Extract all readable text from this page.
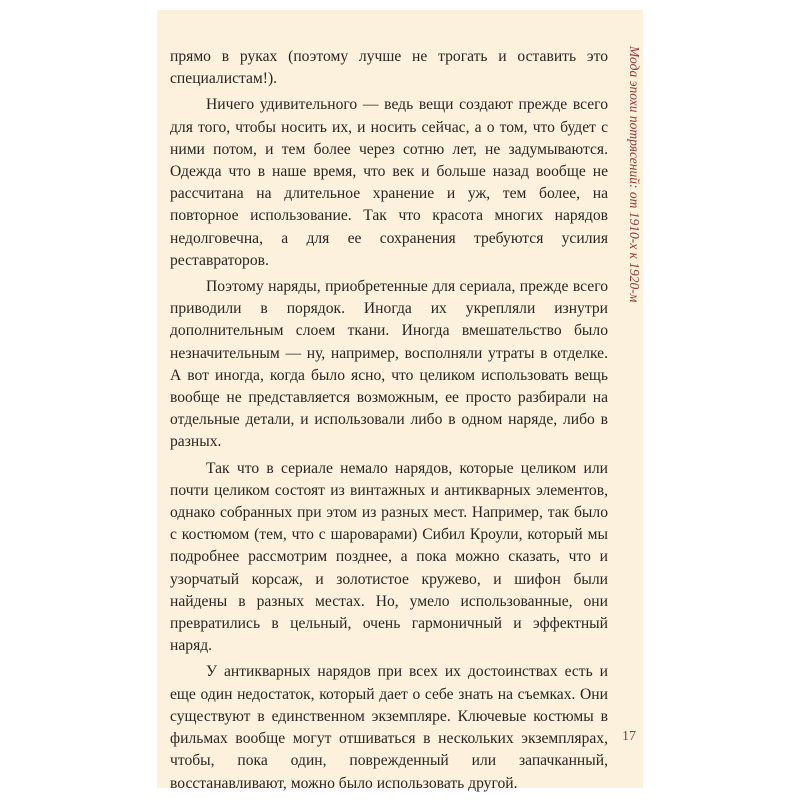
прямо в руках (поэтому лучше не трогать и оставить это специалистам!).

Ничего удивительного — ведь вещи создают прежде всего для того, чтобы носить их, и носить сейчас, а о том, что будет с ними потом, и тем более через сотню лет, не задумываются. Одежда что в наше время, что век и больше назад вообще не рассчитана на длительное хранение и уж, тем более, на повторное использование. Так что красота многих нарядов недолговечна, а для ее сохранения требуются усилия реставраторов.

Поэтому наряды, приобретенные для сериала, прежде всего приводили в порядок. Иногда их укрепляли изнутри дополнительным слоем ткани. Иногда вмешательство было незначительным — ну, например, восполняли утраты в отделке. А вот иногда, когда было ясно, что целиком использовать вещь вообще не представляется возможным, ее просто разбирали на отдельные детали, и использовали либо в одном наряде, либо в разных.

Так что в сериале немало нарядов, которые целиком или почти целиком состоят из винтажных и антикварных элементов, однако собранных при этом из разных мест. Например, так было с костюмом (тем, что с шароварами) Сибил Кроули, который мы подробнее рассмотрим позднее, а пока можно сказать, что и узорчатый корсаж, и золотистое кружево, и шифон были найдены в разных местах. Но, умело использованные, они превратились в цельный, очень гармоничный и эффектный наряд.

У антикварных нарядов при всех их достоинствах есть и еще один недостаток, который дает о себе знать на съемках. Они существуют в единственном экземпляре. Ключевые костюмы в фильмах вообще могут отшиваться в нескольких экземплярах, чтобы, пока один, поврежденный или запачканный, восстанавливают, можно было использовать другой.

Мода эпохи потрясений: от 1910-х к 1920-м
17
